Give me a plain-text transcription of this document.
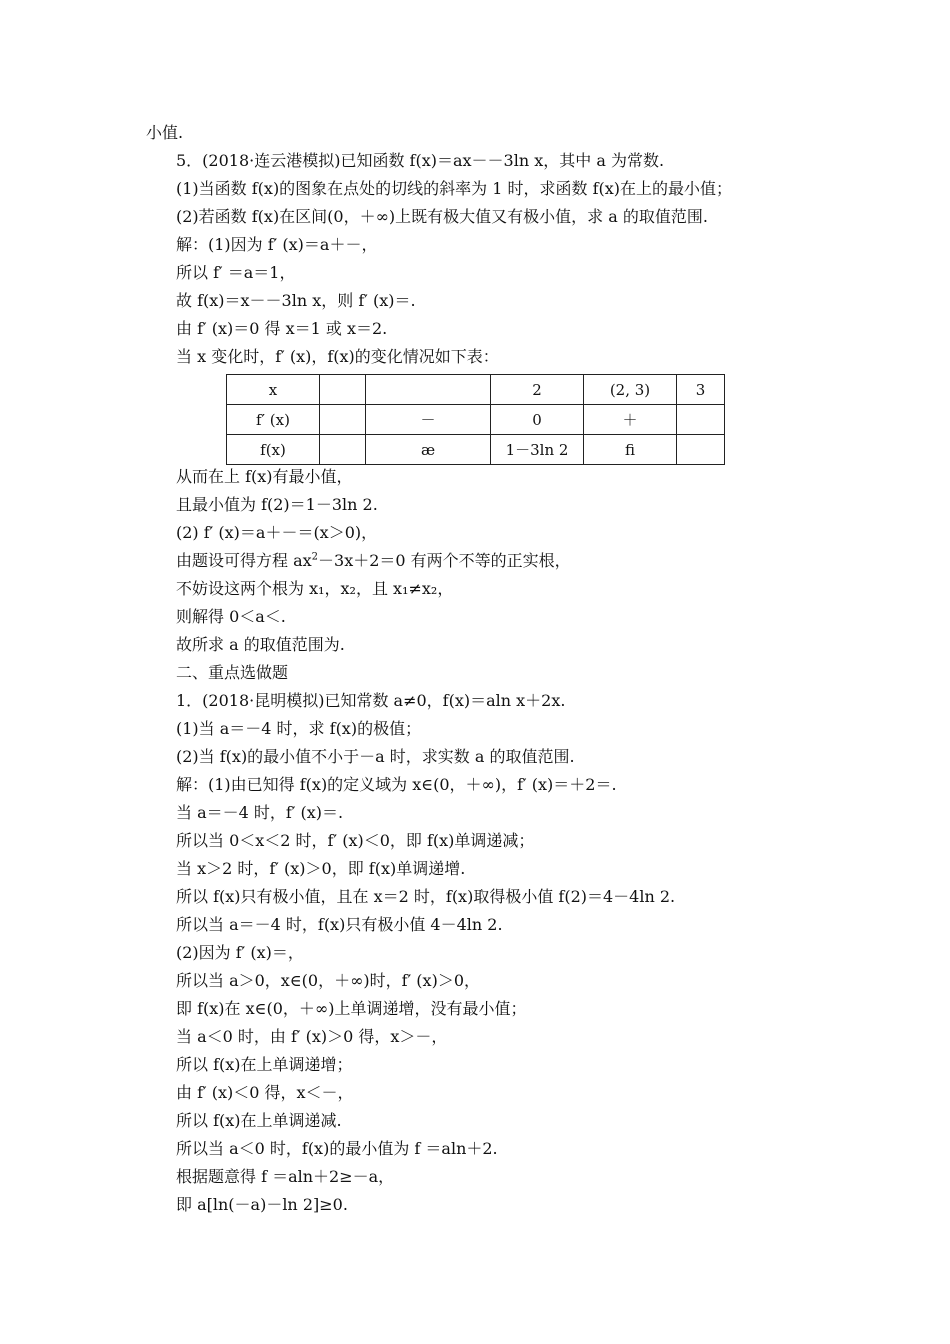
小值.
5．(2018·连云港模拟)已知函数 f(x)＝ax－－3ln x，其中 a 为常数.
(1)当函数 f(x)的图象在点处的切线的斜率为 1 时，求函数 f(x)在上的最小值；
(2)若函数 f(x)在区间(0，＋∞)上既有极大值又有极小值，求 a 的取值范围.
解：(1)因为 f′ (x)＝a＋－，
所以 f′ ＝a＝1，
故 f(x)＝x－－3ln x，则 f′ (x)＝.
由 f′ (x)＝0 得 x＝1 或 x＝2.
当 x 变化时，f′ (x)，f(x)的变化情况如下表：
x			2	(2, 3)	3
f′ (x)		－	0	＋	
f(x)		æ	1－3ln 2	ﬁ	
从而在上 f(x)有最小值，
且最小值为 f(2)＝1－3ln 2.
(2) f′ (x)＝a＋－＝(x＞0)，
由题设可得方程 $ax^2-3x+2=0$ 有两个不等的正实根，
不妨设这两个根为 x₁，x₂，且 x₁≠x₂，
则解得 0＜a＜.
故所求 a 的取值范围为.
二、重点选做题
1．(2018·昆明模拟)已知常数 a≠0，f(x)＝aln x＋2x.
(1)当 a＝－4 时，求 f(x)的极值；
(2)当 f(x)的最小值不小于－a 时，求实数 a 的取值范围.
解：(1)由已知得 f(x)的定义域为 x∈(0，＋∞)，f′ (x)＝＋2＝.
当 a＝－4 时，f′ (x)＝.
所以当 0＜x＜2 时，f′ (x)＜0，即 f(x)单调递减；
当 x＞2 时，f′ (x)＞0，即 f(x)单调递增.
所以 f(x)只有极小值，且在 x＝2 时，f(x)取得极小值 f(2)＝4－4ln 2.
所以当 a＝－4 时，f(x)只有极小值 4－4ln 2.
(2)因为 f′ (x)＝，
所以当 a＞0，x∈(0，＋∞)时，f′ (x)＞0，
即 f(x)在 x∈(0，＋∞)上单调递增，没有最小值；
当 a＜0 时，由 f′ (x)＞0 得，x＞－，
所以 f(x)在上单调递增；
由 f′ (x)＜0 得，x＜－，
所以 f(x)在上单调递减.
所以当 a＜0 时，f(x)的最小值为 f ＝aln＋2.
根据题意得 f ＝aln＋2≥－a，
即 a[ln(－a)－ln 2]≥0.
